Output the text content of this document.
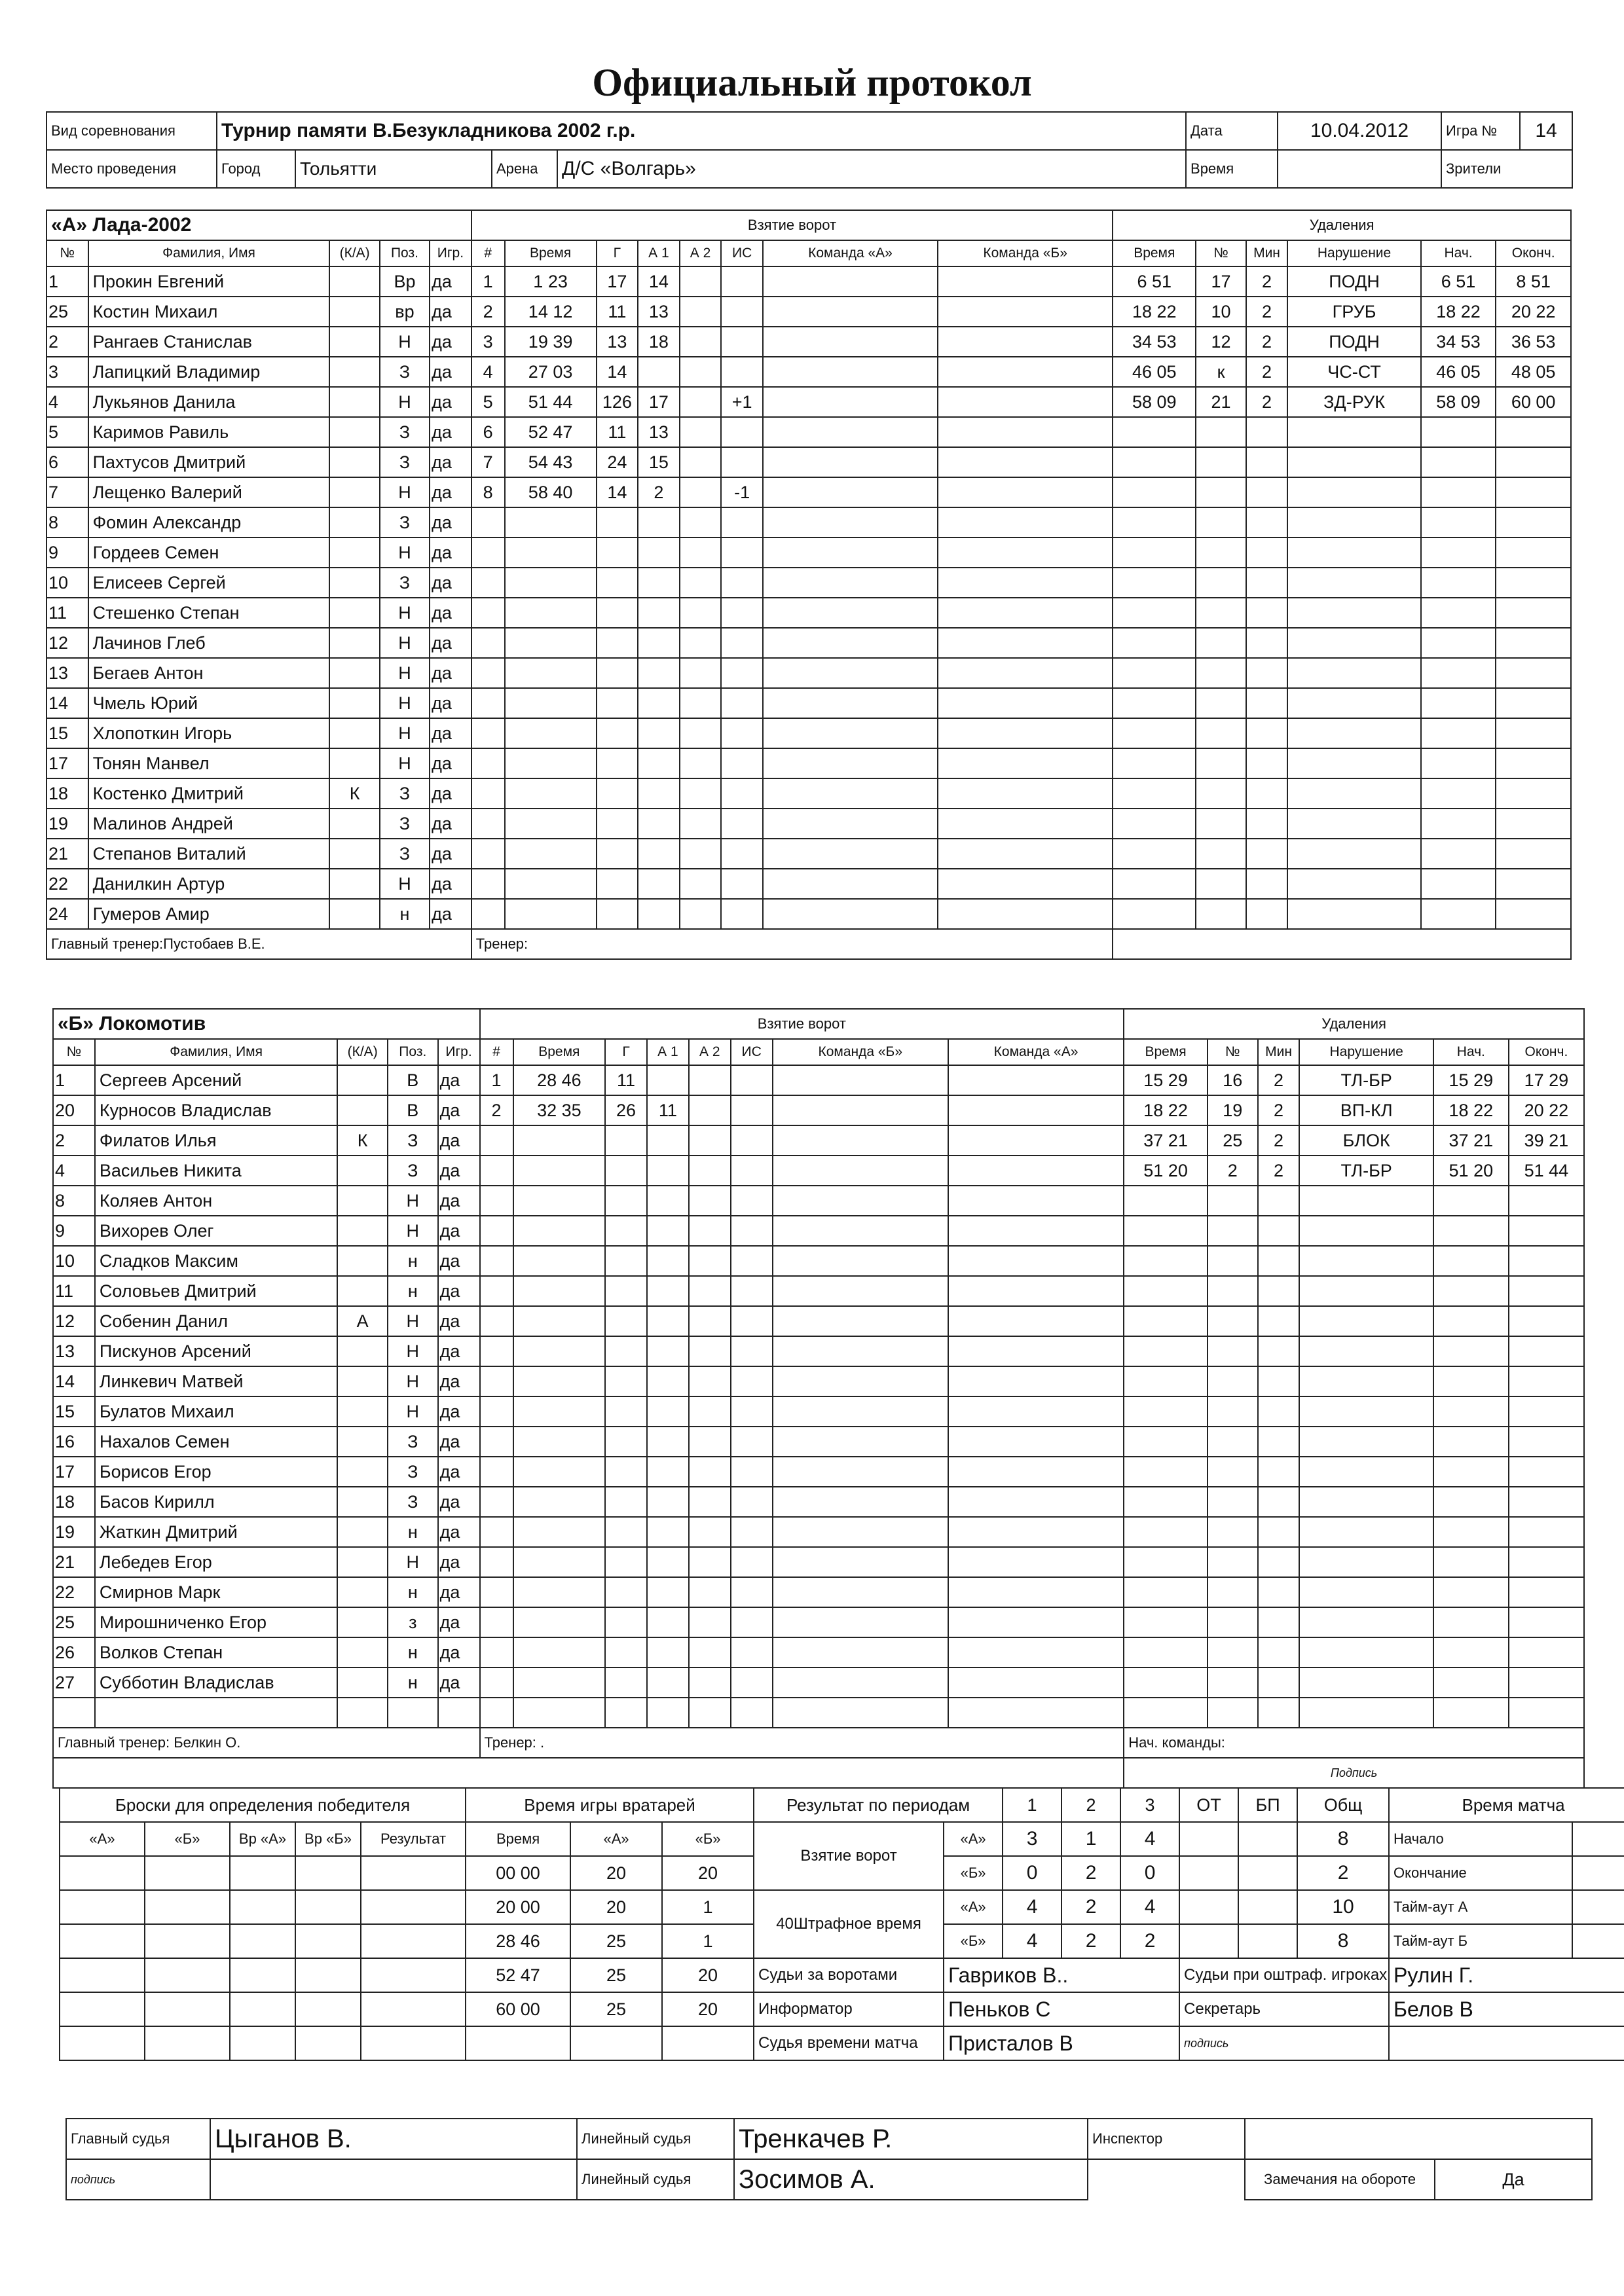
Официальный протокол
Вид соревнования	Турнир памяти В.Безукладникова 2002 г.р.				Дата	10.04.2012	Игра №	14
Место проведения	Город	Тольятти	Арена	Д/С «Волгарь»	Время		Зрители	
«А» Лада-2002					Взятие ворот								Удаления					
№	Фамилия, Имя	(К/А)	Поз.	Игр.	#	Время	Г	А 1	А 2	ИС	Команда «А»	Команда «Б»	Время	№	Мин	Нарушение	Нач.	Оконч.
1	Прокин Евгений		Вр	да	1	1 23	17	14					6 51	17	2	ПОДН	6 51	8 51
25	Костин Михаил		вр	да	2	14 12	11	13					18 22	10	2	ГРУБ	18 22	20 22
2	Рангаев Станислав		Н	да	3	19 39	13	18					34 53	12	2	ПОДН	34 53	36 53
3	Лапицкий Владимир		З	да	4	27 03	14						46 05	к	2	ЧС-СТ	46 05	48 05
4	Лукьянов Данила		Н	да	5	51 44	126	17		+1			58 09	21	2	ЗД-РУК	58 09	60 00
5	Каримов Равиль		З	да	6	52 47	11	13										
6	Пахтусов Дмитрий		З	да	7	54 43	24	15										
7	Лещенко Валерий		Н	да	8	58 40	14	2		-1								
8	Фомин Александр		З	да														
9	Гордеев Семен		Н	да														
10	Елисеев Сергей		З	да														
11	Стешенко Степан		Н	да														
12	Лачинов Глеб		Н	да														
13	Бегаев Антон		Н	да														
14	Чмель Юрий		Н	да														
15	Хлопоткин Игорь		Н	да														
17	Тонян Манвел		Н	да														
18	Костенко Дмитрий	К	З	да														
19	Малинов Андрей		З	да														
21	Степанов Виталий		З	да														
22	Данилкин Артур		Н	да														
24	Гумеров Амир		н	да														
Главный тренер:Пустобаев В.Е.					Тренер:													
«Б» Локомотив					Взятие ворот								Удаления					
№	Фамилия, Имя	(К/А)	Поз.	Игр.	#	Время	Г	А 1	А 2	ИС	Команда «Б»	Команда «А»	Время	№	Мин	Нарушение	Нач.	Оконч.
1	Сергеев Арсений		В	да	1	28 46	11						15 29	16	2	ТЛ-БР	15 29	17 29
20	Курносов Владислав		В	да	2	32 35	26	11					18 22	19	2	ВП-КЛ	18 22	20 22
2	Филатов Илья	К	З	да									37 21	25	2	БЛОК	37 21	39 21
4	Васильев Никита		З	да									51 20	2	2	ТЛ-БР	51 20	51 44
8	Коляев Антон		Н	да														
9	Вихорев Олег		Н	да														
10	Сладков Максим		н	да														
11	Соловьев Дмитрий		н	да														
12	Собенин Данил	А	Н	да														
13	Пискунов Арсений		Н	да														
14	Линкевич Матвей		Н	да														
15	Булатов Михаил		Н	да														
16	Нахалов Семен		З	да														
17	Борисов Егор		З	да														
18	Басов Кирилл		З	да														
19	Жаткин Дмитрий		н	да														
21	Лебедев Егор		Н	да														
22	Смирнов Марк		н	да														
25	Мирошниченко Егор		з	да														
26	Волков Степан		н	да														
27	Субботин Владислав		н	да														

Главный тренер: Белкин О.					Тренер: .								Нач. команды:					
													Подпись					
Броски для определения победителя					Время игры вратарей			Результат по периодам		1	2	3	ОТ	БП	Общ	Время матча	
«А»	«Б»	Вр «А»	Вр «Б»	Результат	Время	«А»	«Б»	Взятие ворот	«А»	3	1	4			8	Начало	
					00 00	20	20		«Б»	0	2	0			2	Окончание	
					20 00	20	1	40Штрафное время	«А»	4	2	4			10	Тайм-аут А	
					28 46	25	1		«Б»	4	2	2			8	Тайм-аут Б	
					52 47	25	20	Судьи за воротами	Гавриков В..				Судьи при оштраф. игроках			Рулин Г.	
					60 00	25	20	Информатор	Пеньков С				Секретарь			Белов В	
								Судья времени матча	Присталов В				подпись				
Главный судья	Цыганов В.	Линейный судья	Тренкачев Р.	Инспектор		
подпись		Линейный судья	Зосимов А.		Замечания на обороте	Да
